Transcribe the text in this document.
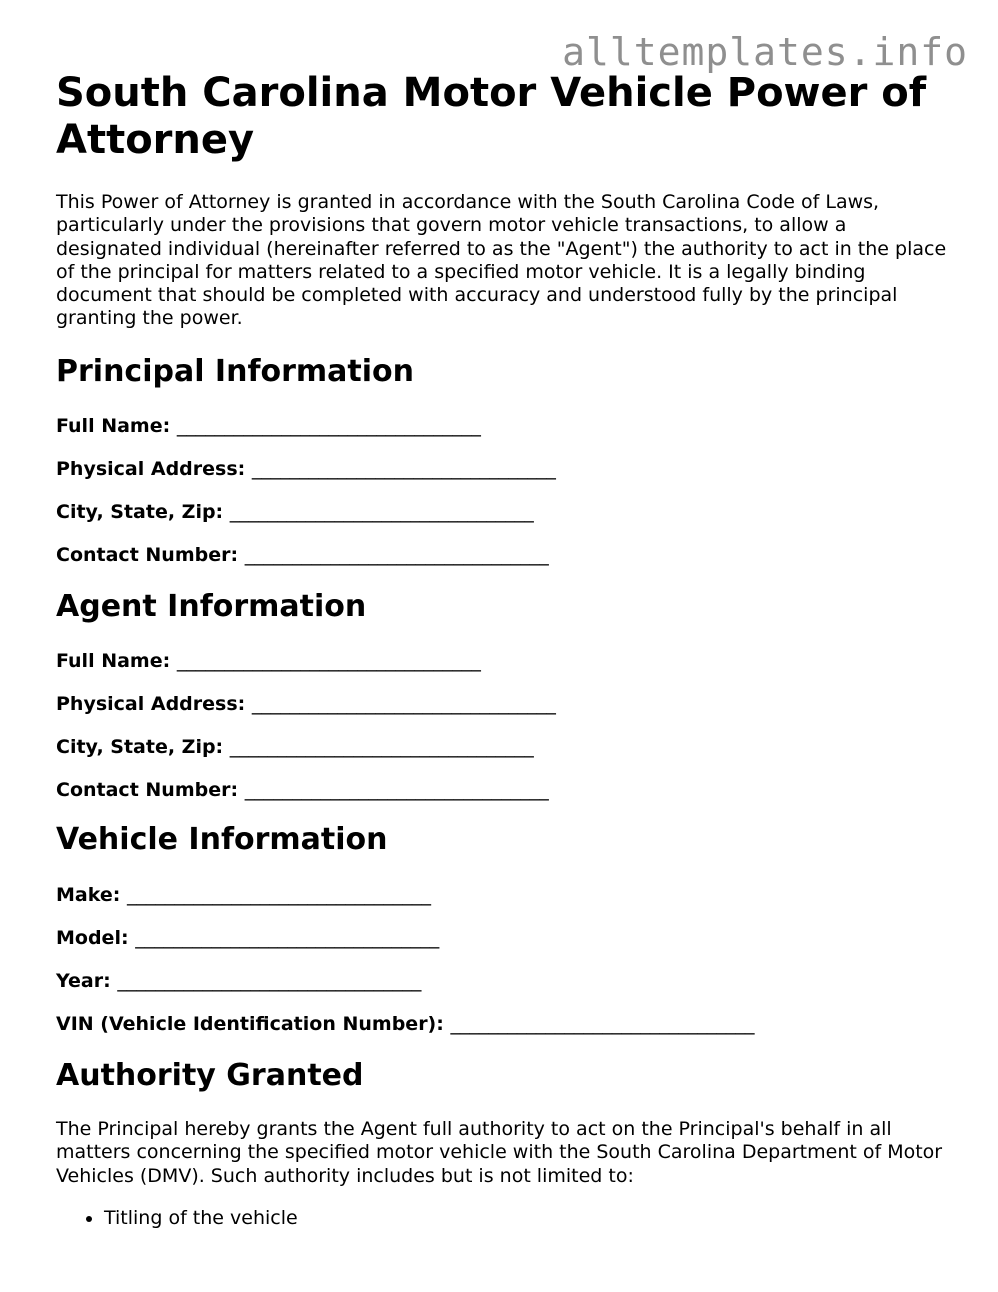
alltemplates.info
South Carolina Motor Vehicle Power of Attorney

This Power of Attorney is granted in accordance with the South Carolina Code of Laws, particularly under the provisions that govern motor vehicle transactions, to allow a designated individual (hereinafter referred to as the "Agent") the authority to act in the place of the principal for matters related to a specified motor vehicle. It is a legally binding document that should be completed with accuracy and understood fully by the principal granting the power.

Principal Information

Full Name: ________________________________

Physical Address: ________________________________

City, State, Zip: ________________________________

Contact Number: ________________________________

Agent Information

Full Name: ________________________________

Physical Address: ________________________________

City, State, Zip: ________________________________

Contact Number: ________________________________

Vehicle Information

Make: ________________________________

Model: ________________________________

Year: ________________________________

VIN (Vehicle Identification Number): ________________________________

Authority Granted

The Principal hereby grants the Agent full authority to act on the Principal's behalf in all matters concerning the specified motor vehicle with the South Carolina Department of Motor Vehicles (DMV). Such authority includes but is not limited to:

• Titling of the vehicle
